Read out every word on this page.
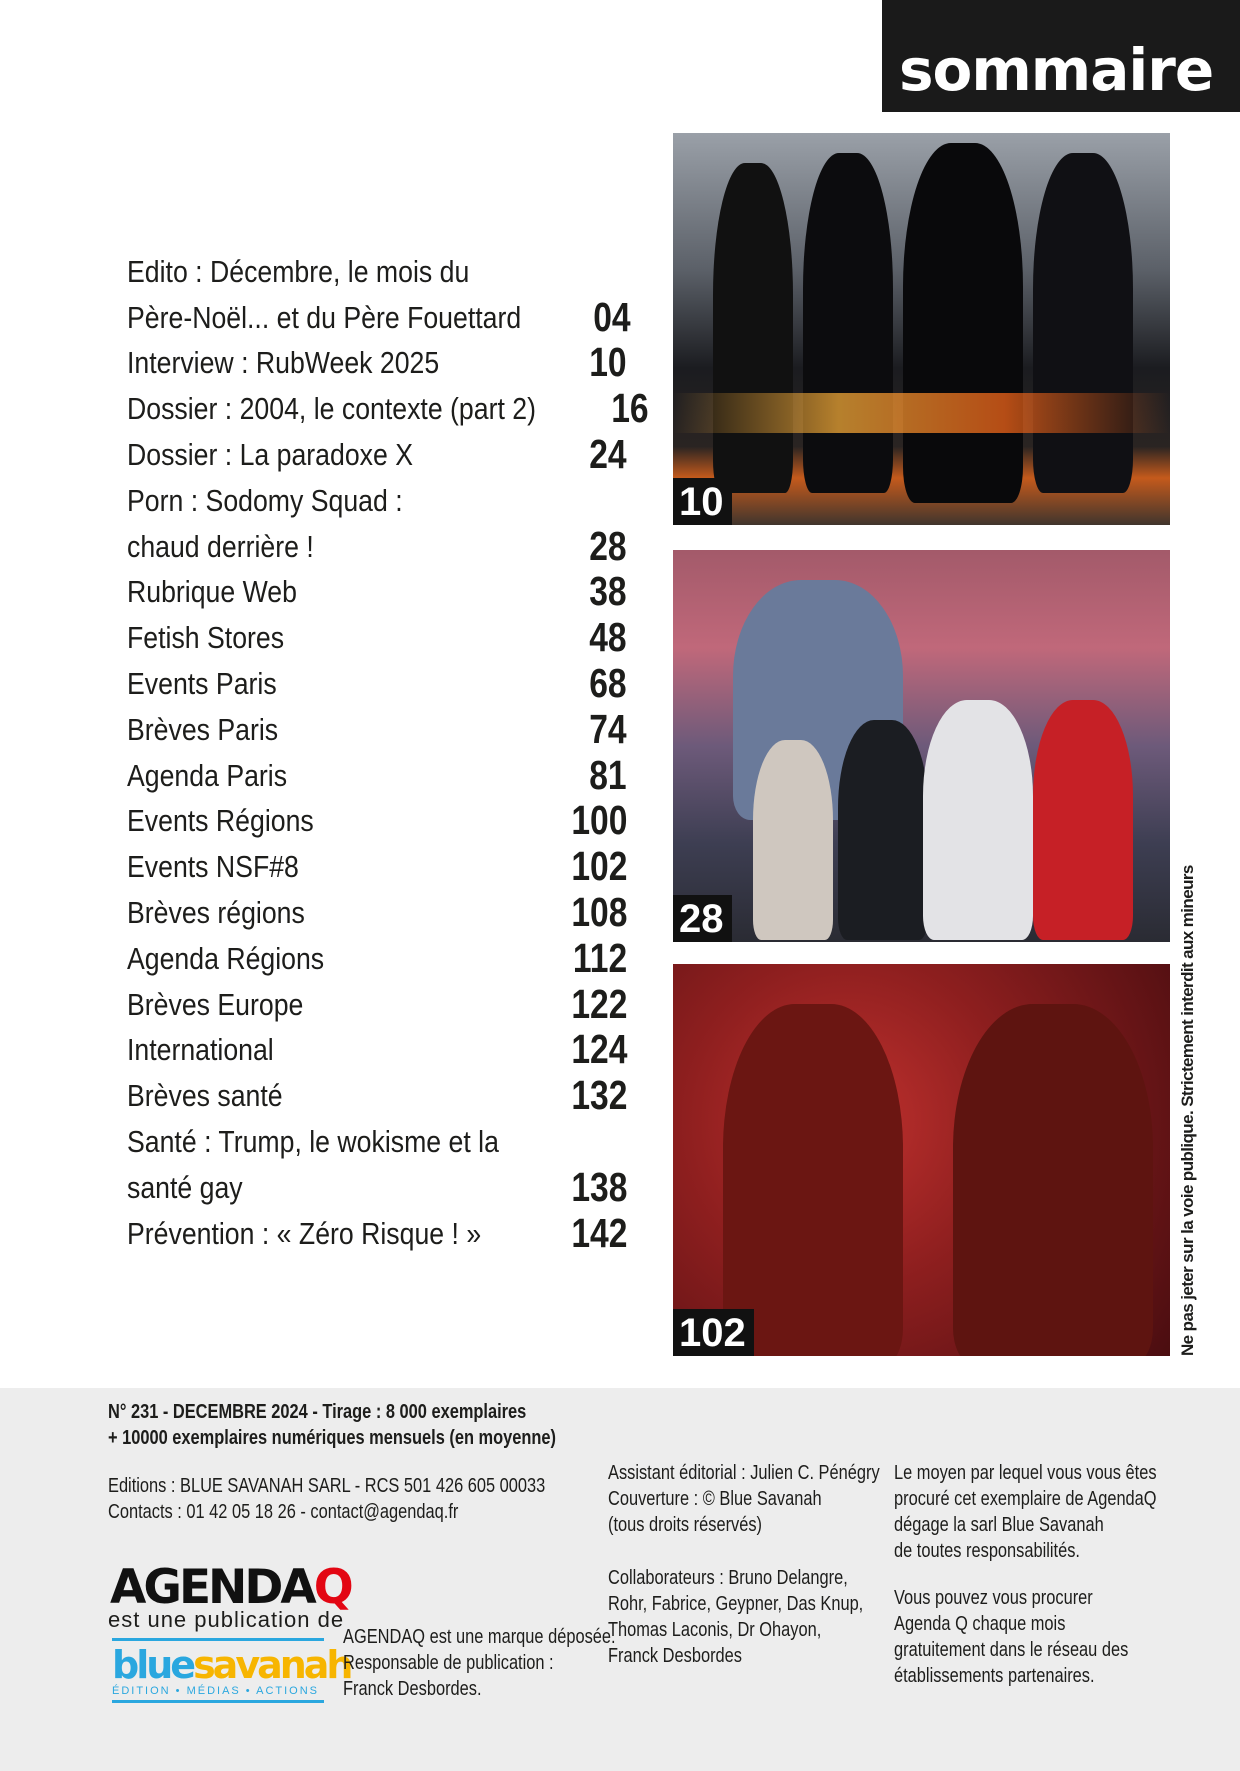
sommaire
Edito : Décembre, le mois du
Père-Noël... et du Père Fouettard 04
Interview : RubWeek 2025	10
Dossier : 2004, le contexte (part 2) 16
Dossier : La paradoxe X	24
Porn : Sodomy Squad :
chaud derrière !	28
Rubrique Web	38
Fetish Stores	48
Events Paris	68
Brèves Paris	74
Agenda Paris	81
Events Régions	100
Events NSF#8	102
Brèves régions	108
Agenda Régions	112
Brèves Europe	122
International	124
Brèves santé	132
Santé : Trump, le wokisme et la
santé gay	138
Prévention : « Zéro Risque ! » 142
10
28
102	Ne pas jeter sur la voie publique. Strictement interdit aux mineurs
N° 231 - DECEMBRE 2024 - Tirage : 8 000 exemplaires
+ 10000 exemplaires numériques mensuels (en moyenne)
Editions : BLUE SAVANAH SARL - RCS 501 426 605 00033
Contacts : 01 42 05 18 26 - contact@agendaq.fr
AGENDAQ
est une publication de
bluesavanah
ÉDITION • MÉDIAS • ACTIONS
AGENDAQ est une marque déposée.
Responsable de publication :
Franck Desbordes.
Assistant éditorial : Julien C. Pénégry
Couverture : © Blue Savanah
(tous droits réservés)
Collaborateurs : Bruno Delangre,
Rohr, Fabrice, Geypner, Das Knup,
Thomas Laconis, Dr Ohayon,
Franck Desbordes
Le moyen par lequel vous vous êtes
procuré cet exemplaire de AgendaQ
dégage la sarl Blue Savanah
de toutes responsabilités.
Vous pouvez vous procurer
Agenda Q chaque mois
gratuitement dans le réseau des
établissements partenaires.
